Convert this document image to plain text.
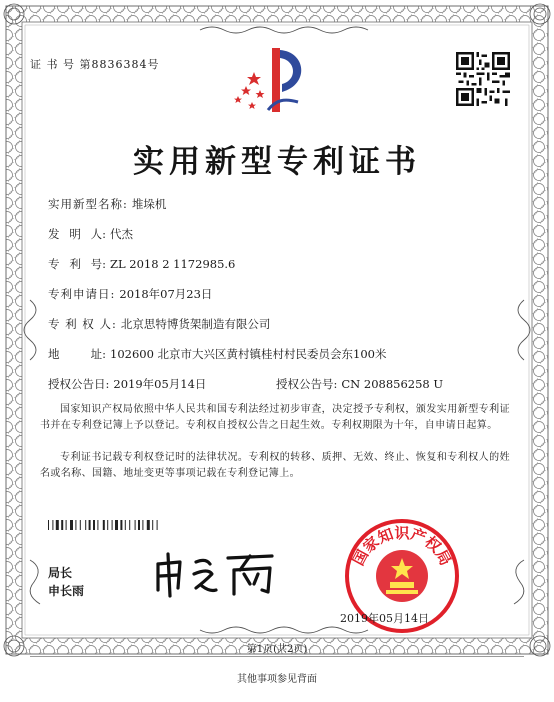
证 书 号 第8836384号
实用新型专利证书
实用新型名称: 堆垛机
发 明 人: 代杰
专 利 号: ZL 2018 2 1172985.6
专利申请日: 2018年07月23日
专 利 权 人: 北京思特博货架制造有限公司
地	址: 102600 北京市大兴区黄村镇桂村村民委员会东100米
授权公告日: 2019年05月14日	授权公告号: CN 208856258 U

国家知识产权局依照中华人民共和国专利法经过初步审查，决定授予专利权，颁发实用新型专利证书并在专利登记簿上予以登记。专利权自授权公告之日起生效。专利权期限为十年，自申请日起算。

专利证书记载专利权登记时的法律状况。专利权的转移、质押、无效、终止、恢复和专利权人的姓名或名称、国籍、地址变更等事项记载在专利登记簿上。

局长
申长雨
国家知识产权局
2019年05月14日
第1页(共2页)
其他事项参见背面
